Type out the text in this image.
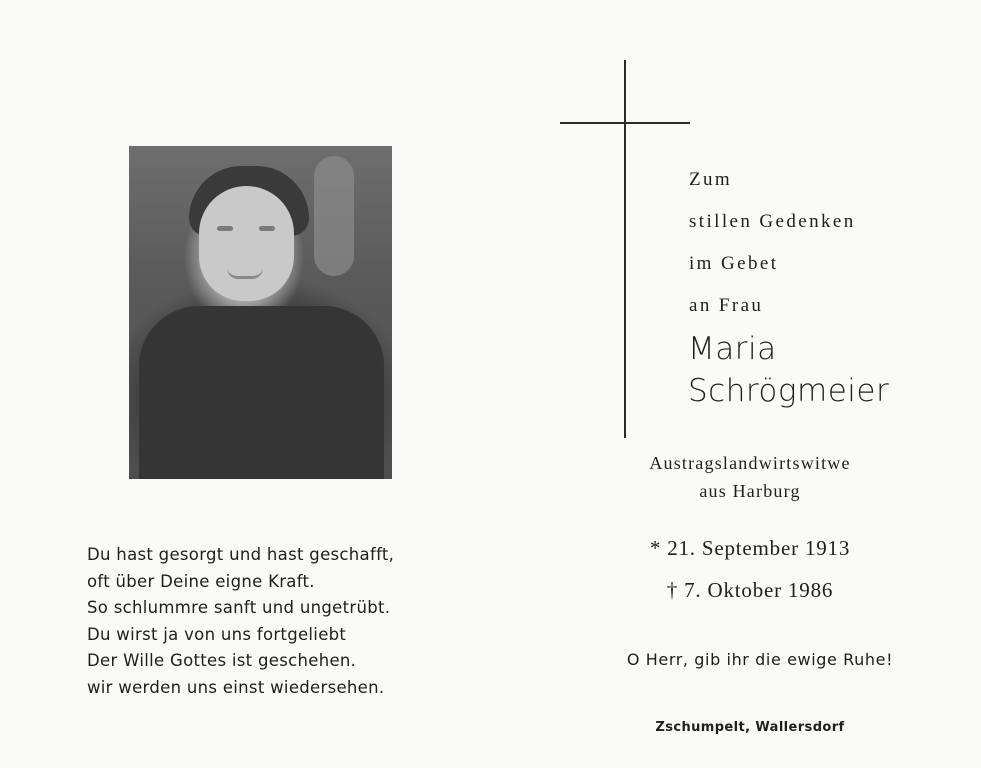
Du hast gesorgt und hast geschafft,
oft über Deine eigne Kraft.
So schlummre sanft und ungetrübt.
Du wirst ja von uns fortgeliebt
Der Wille Gottes ist geschehen.
wir werden uns einst wiedersehen.
Zum
stillen Gedenken
im Gebet
an Frau
Maria
Schrögmeier
Austragslandwirtswitwe
aus Harburg
* 21. September 1913
† 7. Oktober 1986
O Herr, gib ihr die ewige Ruhe!
Zschumpelt, Wallersdorf
